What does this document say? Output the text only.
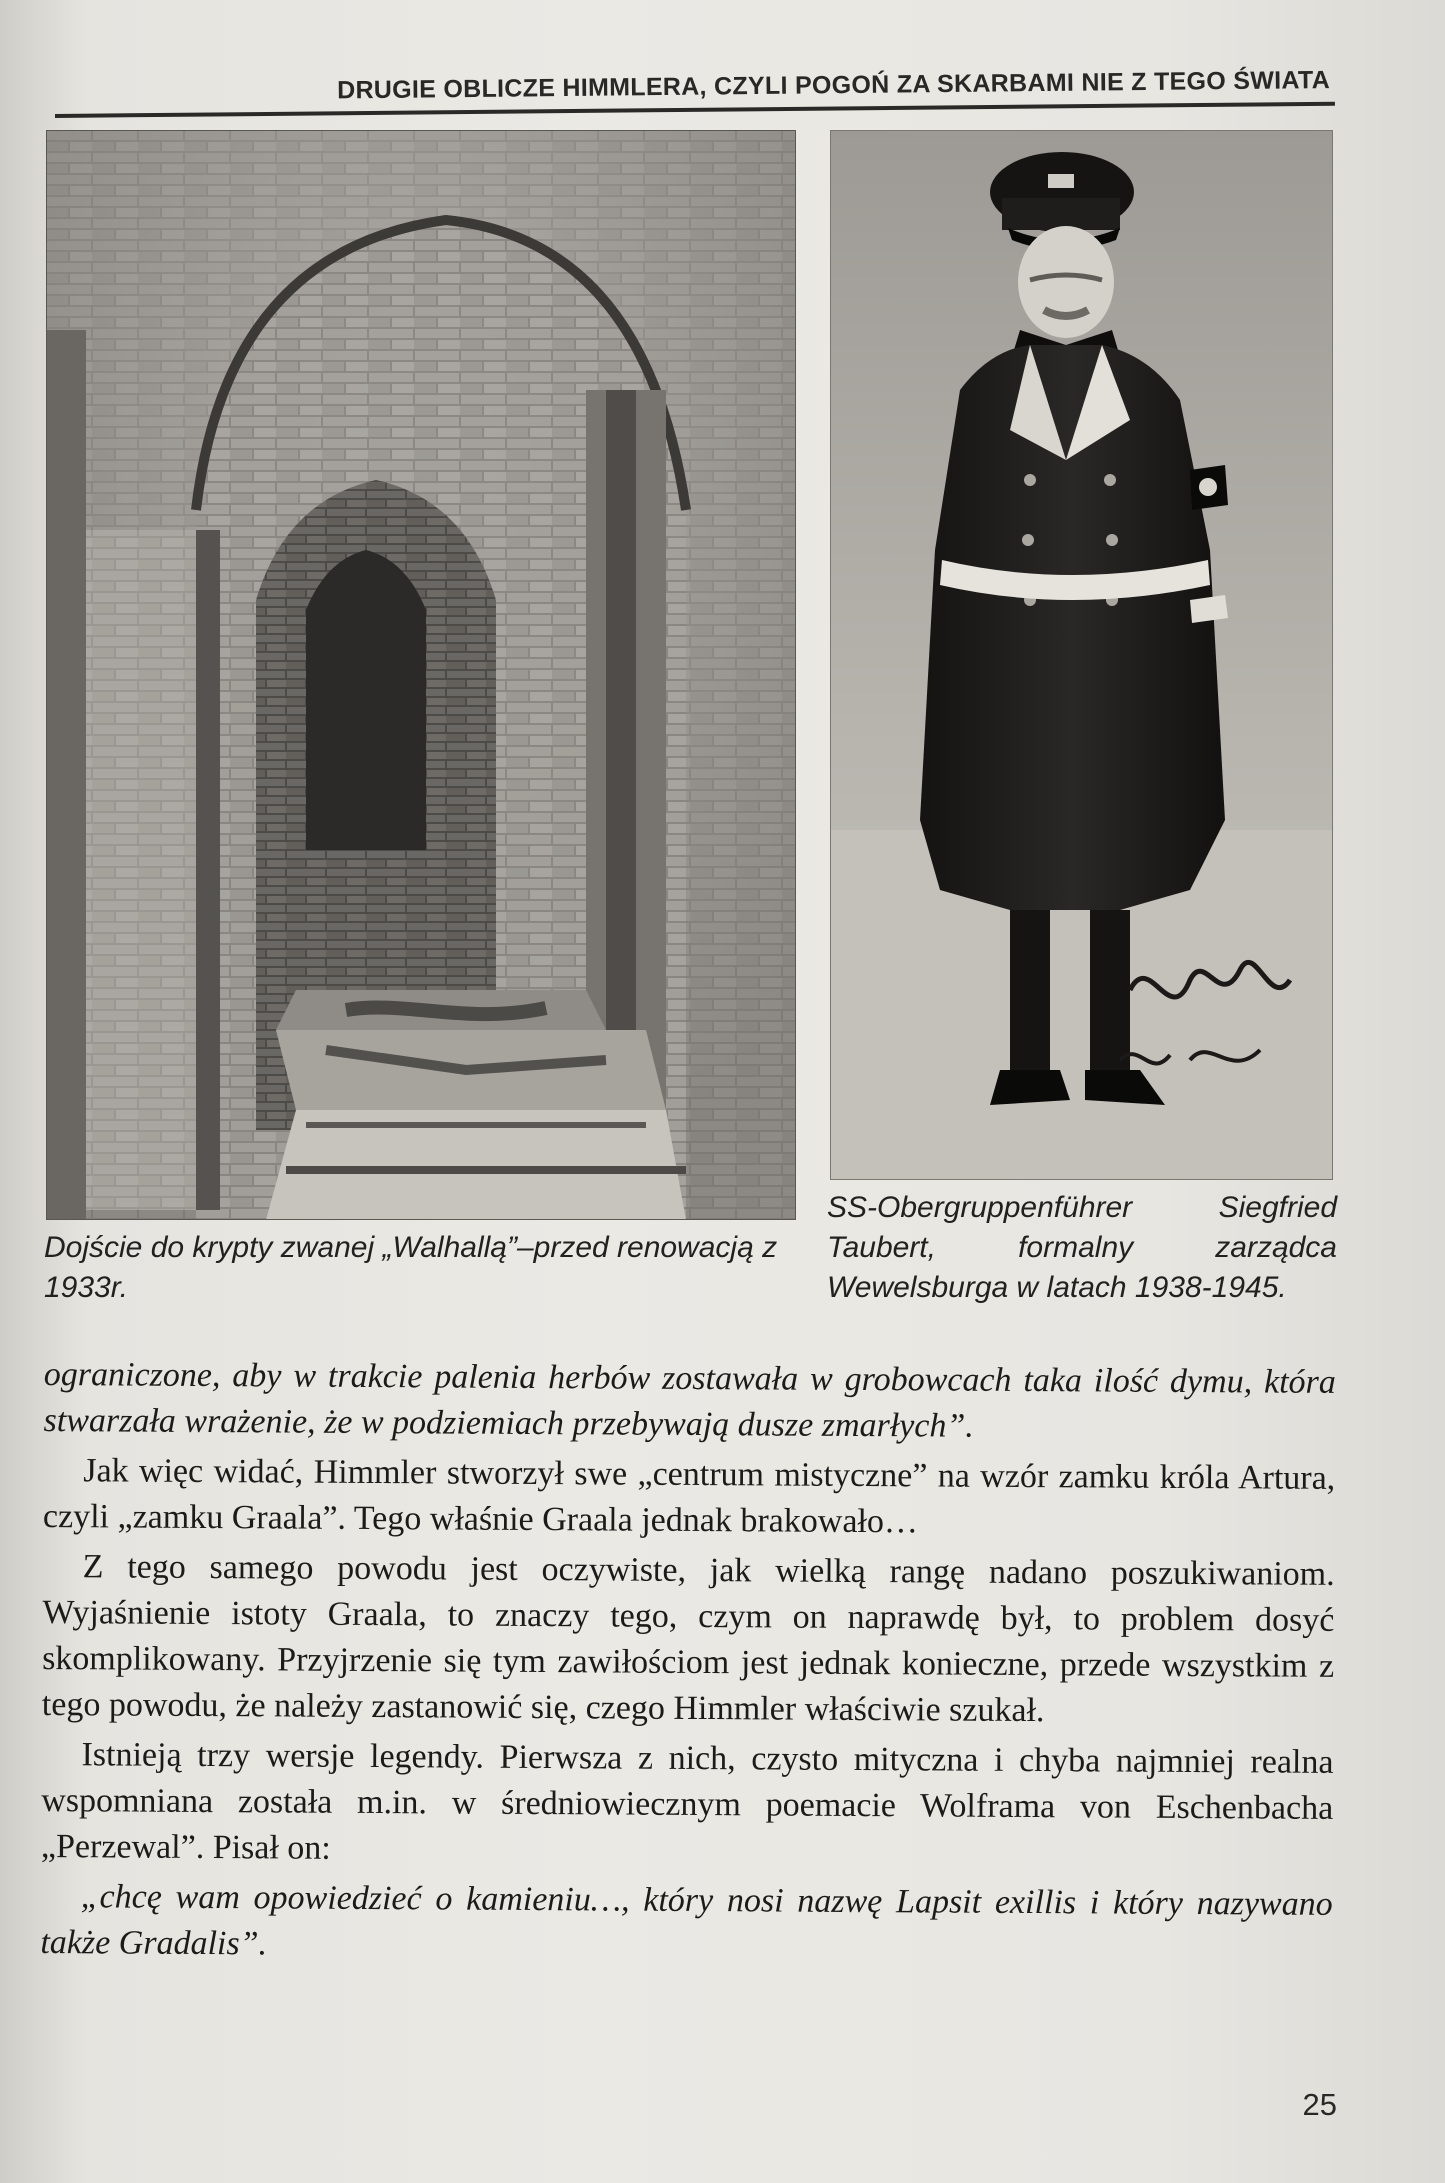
DRUGIE OBLICZE HIMMLERA, CZYLI POGOŃ ZA SKARBAMI NIE Z TEGO ŚWIATA
Dojście do krypty zwanej „Walhallą”–przed renowacją z 1933r.
SS-Obergruppenführer	Siegfried
Taubert, formalny zarządca Wewelsburga w latach 1938-1945.

ograniczone, aby w trakcie palenia herbów zostawała w grobowcach taka ilość dymu, która stwarzała wrażenie, że w podziemiach przebywają dusze zmarłych”.

Jak więc widać, Himmler stworzył swe „centrum mistyczne” na wzór zamku króla Artura, czyli „zamku Graala”. Tego właśnie Graala jednak brakowało…

Z tego samego powodu jest oczywiste, jak wielką rangę nadano poszukiwaniom. Wyjaśnienie istoty Graala, to znaczy tego, czym on naprawdę był, to problem dosyć skomplikowany. Przyjrzenie się tym zawiłościom jest jednak konieczne, przede wszystkim z tego powodu, że należy zastanowić się, czego Himmler właściwie szukał.

Istnieją trzy wersje legendy. Pierwsza z nich, czysto mityczna i chyba najmniej realna wspomniana została m.in. w średniowiecznym poemacie Wolframa von Eschenbacha „Perzewal”. Pisał on:

„chcę wam opowiedzieć o kamieniu…, który nosi nazwę Lapsit exillis i który nazywano także Gradalis”.

25
